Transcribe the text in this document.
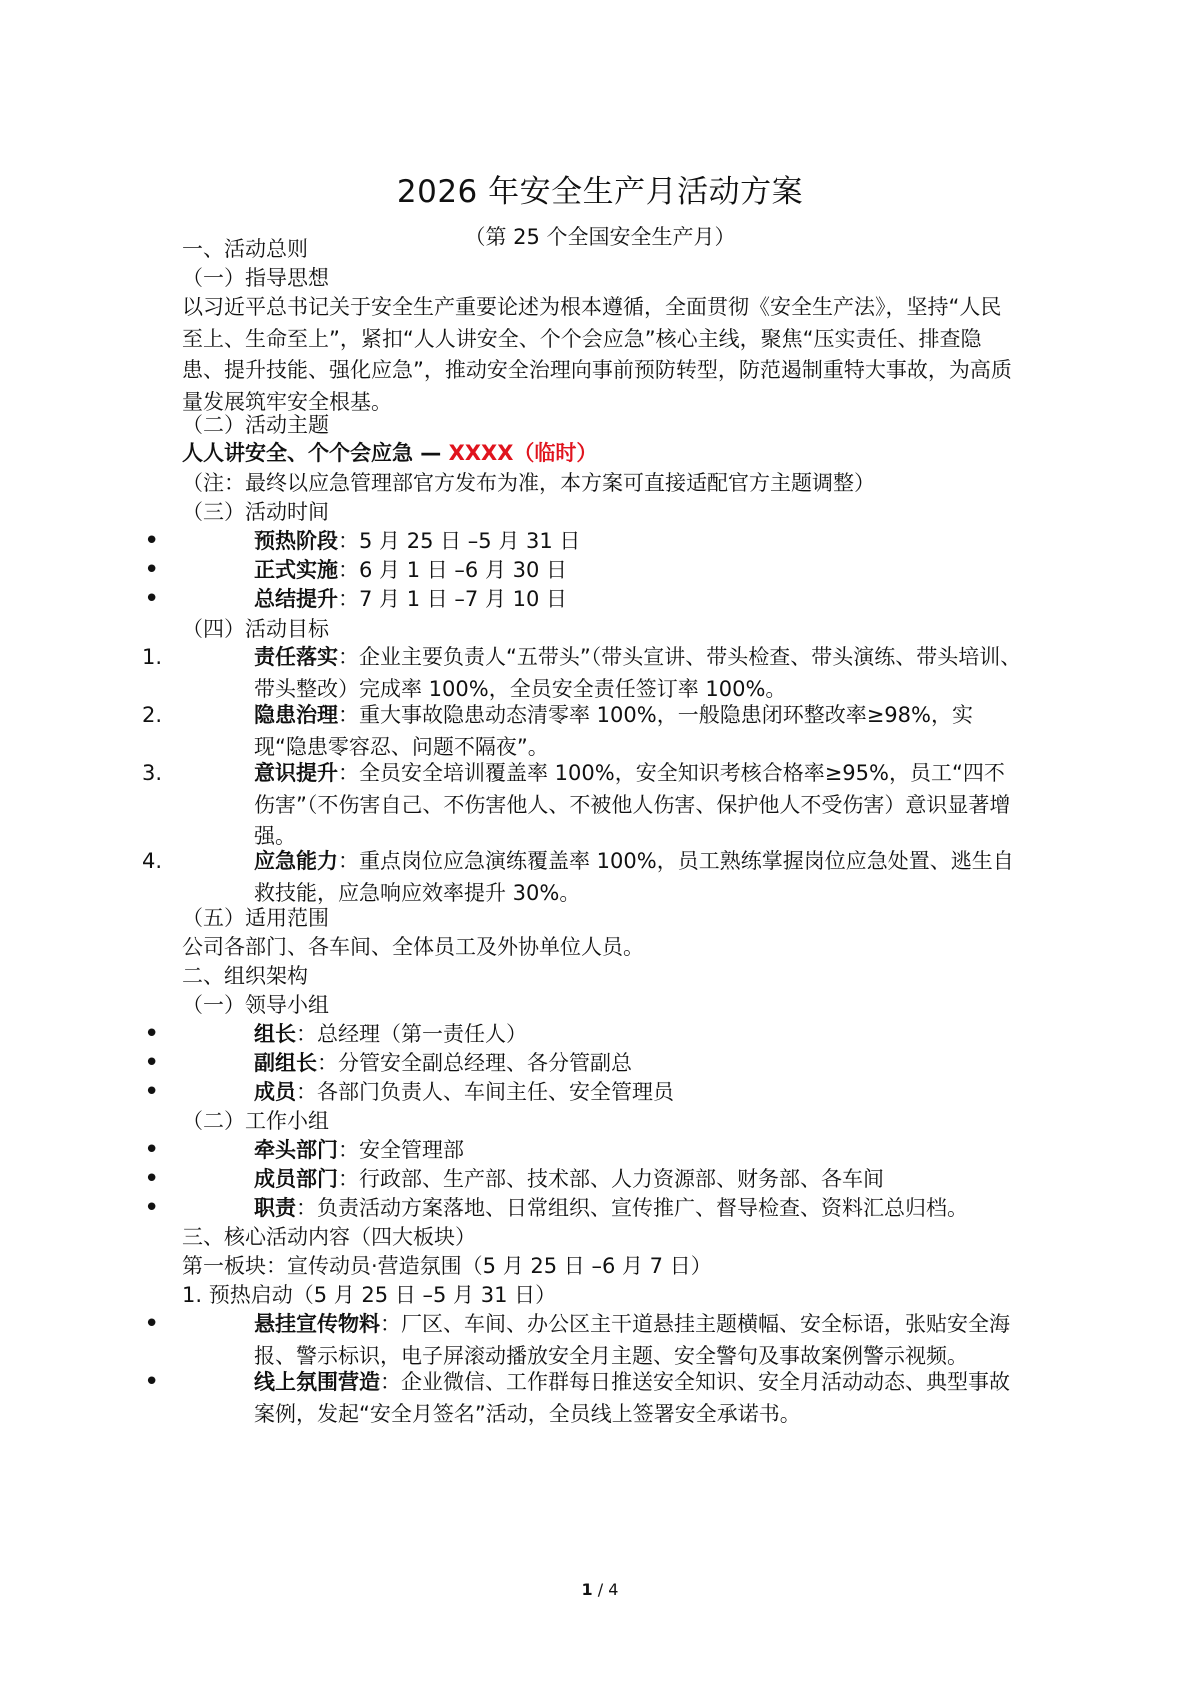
2026 年安全生产月活动方案
（第 25 个全国安全生产月）
一、活动总则
（一）指导思想
以习近平总书记关于安全生产重要论述为根本遵循，全面贯彻《安全生产法》，坚持“人民至上、生命至上”，紧扣“人人讲安全、个个会应急”核心主线，聚焦“压实责任、排查隐患、提升技能、强化应急”，推动安全治理向事前预防转型，防范遏制重特大事故，为高质量发展筑牢安全根基。
（二）活动主题
人人讲安全、个个会应急 — XXXX（临时）
（注：最终以应急管理部官方发布为准，本方案可直接适配官方主题调整）
（三）活动时间
•	预热阶段：5 月 25 日 –5 月 31 日
•	正式实施：6 月 1 日 –6 月 30 日
•	总结提升：7 月 1 日 –7 月 10 日
（四）活动目标
1.	责任落实：企业主要负责人“五带头”（带头宣讲、带头检查、带头演练、带头培训、带头整改）完成率 100%，全员安全责任签订率 100%。
2.	隐患治理：重大事故隐患动态清零率 100%，一般隐患闭环整改率≥98%，实现“隐患零容忍、问题不隔夜”。
3.	意识提升：全员安全培训覆盖率 100%，安全知识考核合格率≥95%，员工“四不伤害”（不伤害自己、不伤害他人、不被他人伤害、保护他人不受伤害）意识显著增强。
4.	应急能力：重点岗位应急演练覆盖率 100%，员工熟练掌握岗位应急处置、逃生自救技能，应急响应效率提升 30%。
（五）适用范围
公司各部门、各车间、全体员工及外协单位人员。
二、组织架构
（一）领导小组
•	组长：总经理（第一责任人）
•	副组长：分管安全副总经理、各分管副总
•	成员：各部门负责人、车间主任、安全管理员
（二）工作小组
•	牵头部门：安全管理部
•	成员部门：行政部、生产部、技术部、人力资源部、财务部、各车间
•	职责：负责活动方案落地、日常组织、宣传推广、督导检查、资料汇总归档。
三、核心活动内容（四大板块）
第一板块：宣传动员·营造氛围（5 月 25 日 –6 月 7 日）
1. 预热启动（5 月 25 日 –5 月 31 日）
•	悬挂宣传物料：厂区、车间、办公区主干道悬挂主题横幅、安全标语，张贴安全海报、警示标识，电子屏滚动播放安全月主题、安全警句及事故案例警示视频。
•	线上氛围营造：企业微信、工作群每日推送安全知识、安全月活动动态、典型事故案例，发起“安全月签名”活动，全员线上签署安全承诺书。
1 / 4
